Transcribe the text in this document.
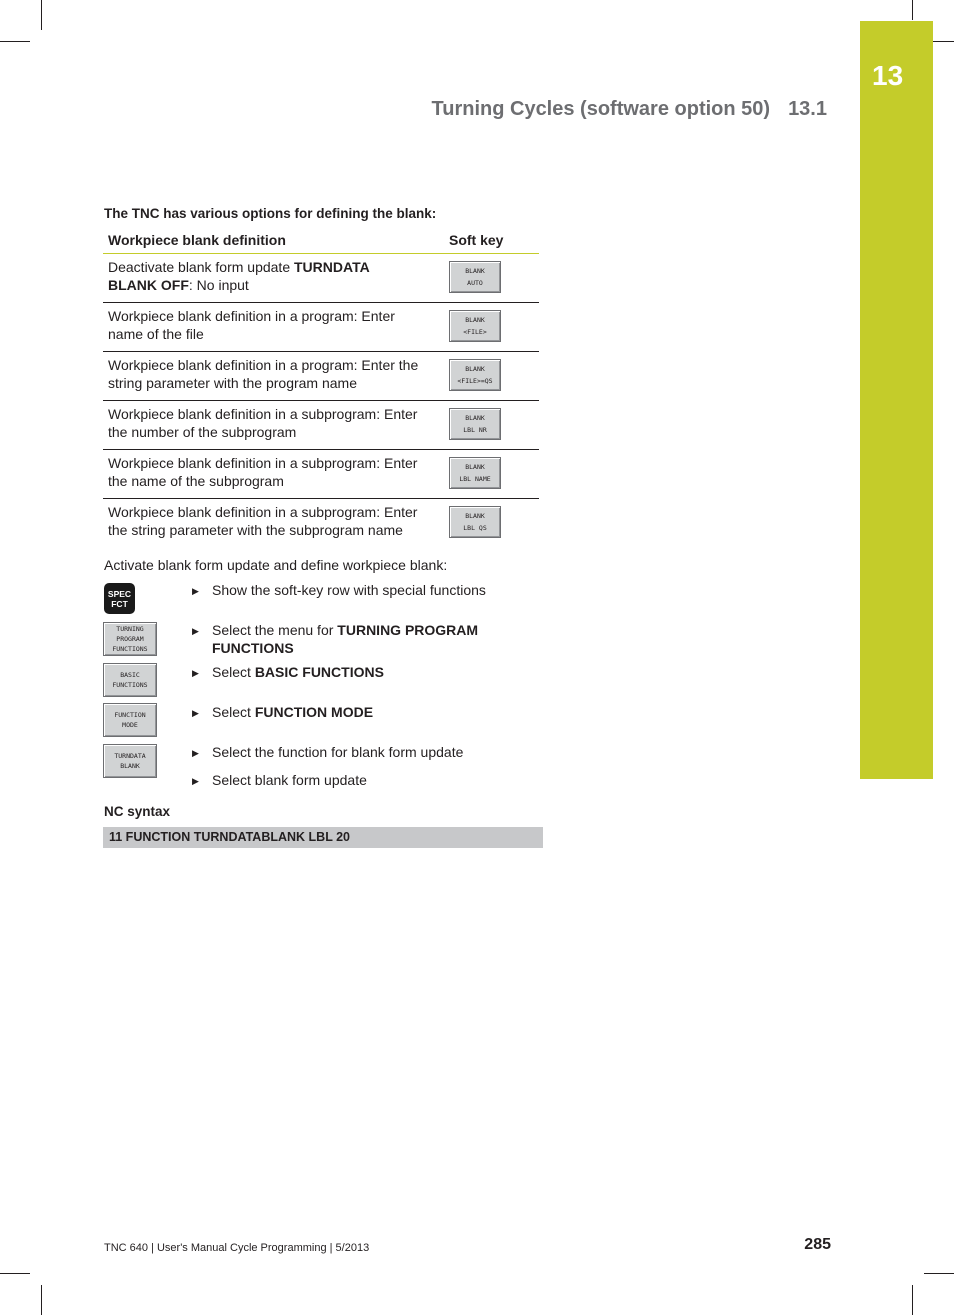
13
Turning Cycles (software option 50) 13.1
The TNC has various options for defining the blank:
Workpiece blank definition	Soft key
Deactivate blank form update TURNDATA BLANK OFF: No input	BLANK
AUTO

Workpiece blank definition in a program: Enter name of the file	BLANK
<FILE>

Workpiece blank definition in a program: Enter the string parameter with the program name	BLANK
<FILE>=QS

Workpiece blank definition in a subprogram: Enter the number of the subprogram	BLANK
LBL NR

Workpiece blank definition in a subprogram: Enter the name of the subprogram	BLANK
LBL NAME

Workpiece blank definition in a subprogram: Enter the string parameter with the subprogram name	BLANK
LBL QS
Activate blank form update and define workpiece blank:
SPEC
FCT
TURNING
PROGRAM
FUNCTIONS
BASIC
FUNCTIONS
FUNCTION
MODE
TURNDATA
BLANK
▶ Show the soft-key row with special functions
▶ Select the menu for TURNING PROGRAM FUNCTIONS
▶ Select BASIC FUNCTIONS
▶ Select FUNCTION MODE
▶ Select the function for blank form update
▶ Select blank form update
NC syntax
11 FUNCTION TURNDATABLANK LBL 20
TNC 640 | User's Manual Cycle Programming | 5/2013	285
